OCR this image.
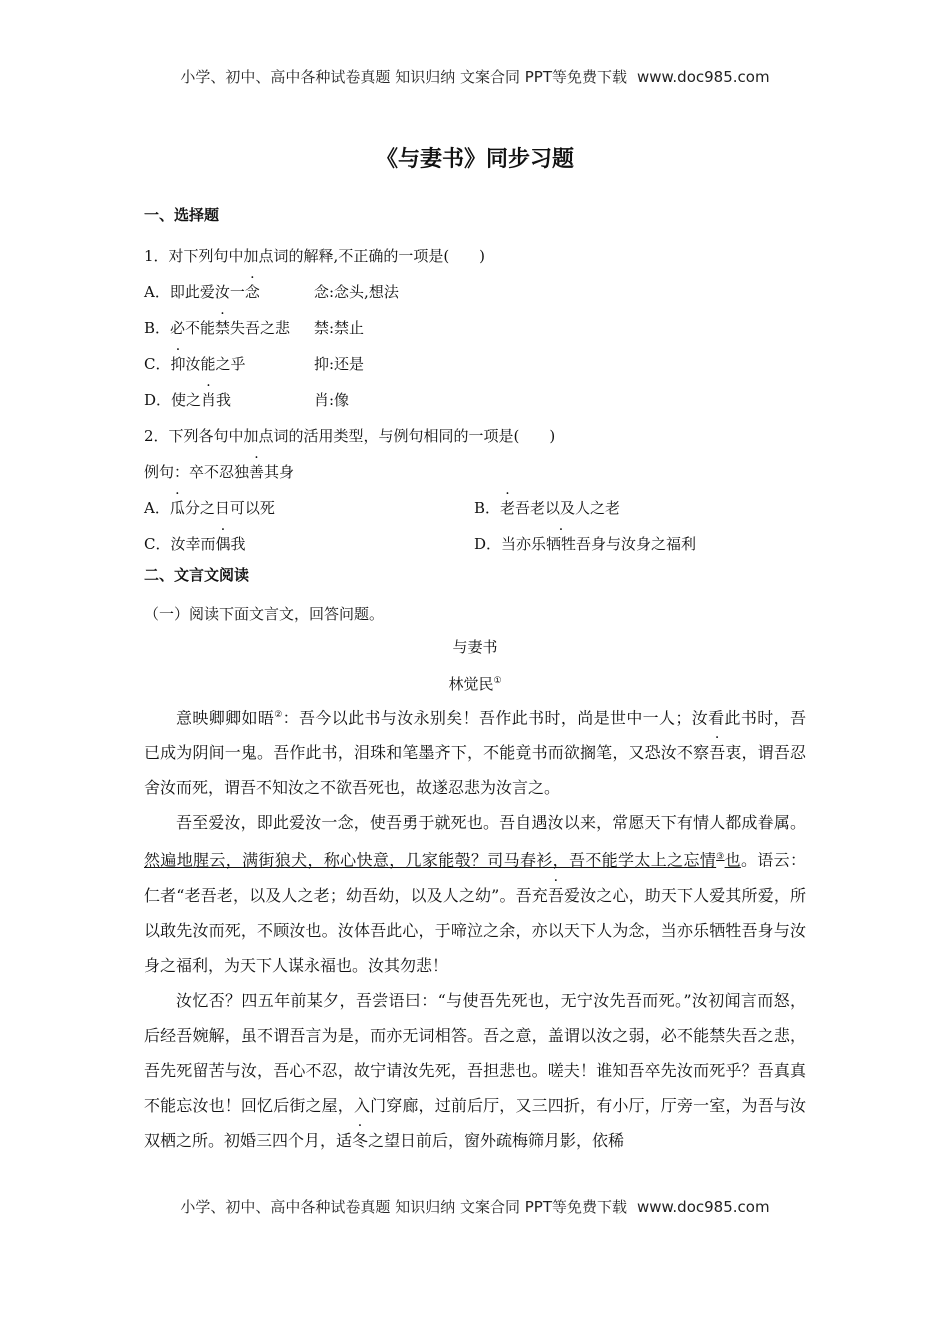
小学、初中、高中各种试卷真题 知识归纳 文案合同 PPT等免费下载 www.doc985.com
《与妻书》同步习题
一、选择题
1．对下列句中加点词的解释,不正确的一项是(　　)
A．即此爱汝一念	念:念头,想法
B．必不能禁失吾之悲 禁:禁止
C．抑汝能之乎	抑:还是
D．使之肖我	肖:像
2．下列各句中加点词的活用类型，与例句相同的一项是(　　)
例句：卒不忍独善其身
A．瓜分之日可以死	B．老吾老以及人之老
C．汝幸而偶我	D．当亦乐牺牲吾身与汝身之福利
二、文言文阅读
（一）阅读下面文言文，回答问题。
与妻书
林觉民①

意映卿卿如晤②：吾今以此书与汝永别矣！吾作此书时，尚是世中一人；汝看此书时，吾已成为阴间一鬼。吾作此书，泪珠和笔墨齐下，不能竟书而欲搁笔，又恐汝不察吾衷，谓吾忍舍汝而死，谓吾不知汝之不欲吾死也，故遂忍悲为汝言之。

吾至爱汝，即此爱汝一念，使吾勇于就死也。吾自遇汝以来，常愿天下有情人都成眷属。然遍地腥云，满街狼犬，称心快意，几家能彀？司马春衫，吾不能学太上之忘情③也。语云：仁者“老吾老，以及人之老；幼吾幼，以及人之幼”。吾充吾爱汝之心，助天下人爱其所爱，所以敢先汝而死，不顾汝也。汝体吾此心，于啼泣之余，亦以天下人为念，当亦乐牺牲吾身与汝身之福利，为天下人谋永福也。汝其勿悲！

汝忆否？四五年前某夕，吾尝语曰：“与使吾先死也，无宁汝先吾而死。”汝初闻言而怒，后经吾婉解，虽不谓吾言为是，而亦无词相答。吾之意，盖谓以汝之弱，必不能禁失吾之悲，吾先死留苦与汝，吾心不忍，故宁请汝先死，吾担悲也。嗟夫！谁知吾卒先汝而死乎？吾真真不能忘汝也！回忆后街之屋，入门穿廊，过前后厅，又三四折，有小厅，厅旁一室，为吾与汝双栖之所。初婚三四个月，适冬之望日前后，窗外疏梅筛月影，依稀

小学、初中、高中各种试卷真题 知识归纳 文案合同 PPT等免费下载 www.doc985.com
